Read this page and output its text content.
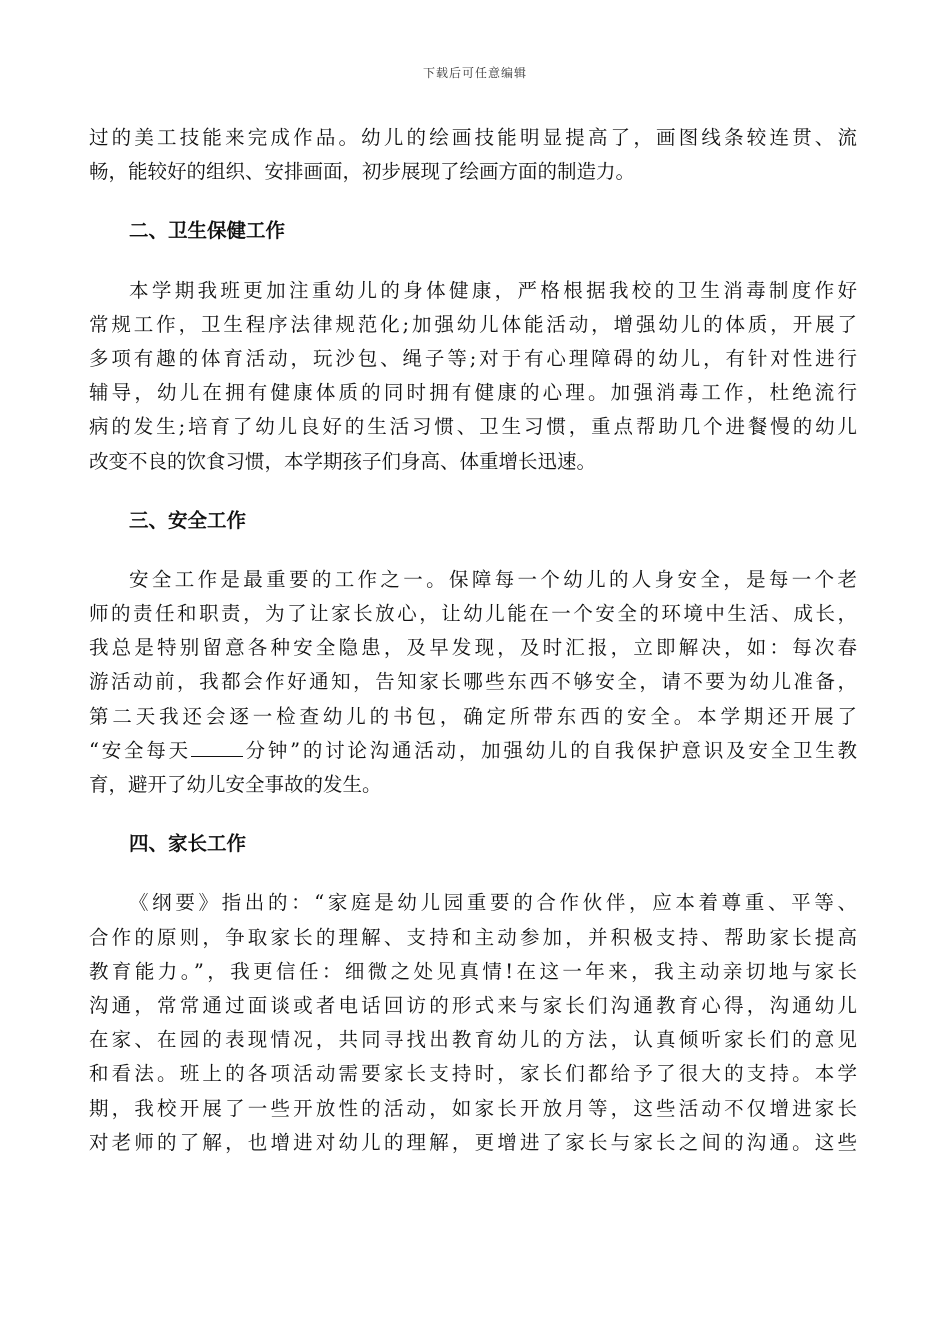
下载后可任意编辑
过的美工技能来完成作品。幼儿的绘画技能明显提高了，画图线条较连贯、流
畅，能较好的组织、安排画面，初步展现了绘画方面的制造力。
二、卫生保健工作
本学期我班更加注重幼儿的身体健康，严格根据我校的卫生消毒制度作好
常规工作，卫生程序法律规范化;加强幼儿体能活动，增强幼儿的体质，开展了
多项有趣的体育活动，玩沙包、绳子等;对于有心理障碍的幼儿，有针对性进行
辅导，幼儿在拥有健康体质的同时拥有健康的心理。加强消毒工作，杜绝流行
病的发生;培育了幼儿良好的生活习惯、卫生习惯，重点帮助几个进餐慢的幼儿
改变不良的饮食习惯，本学期孩子们身高、体重增长迅速。
三、安全工作
安全工作是最重要的工作之一。保障每一个幼儿的人身安全，是每一个老
师的责任和职责，为了让家长放心，让幼儿能在一个安全的环境中生活、成长，
我总是特别留意各种安全隐患，及早发现，及时汇报，立即解决，如：每次春
游活动前，我都会作好通知，告知家长哪些东西不够安全，请不要为幼儿准备，
第二天我还会逐一检查幼儿的书包，确定所带东西的安全。本学期还开展了
“安全每天	分钟”的讨论沟通活动，加强幼儿的自我保护意识及安全卫生教
育，避开了幼儿安全事故的发生。
四、家长工作
《纲要》指出的：“家庭是幼儿园重要的合作伙伴，应本着尊重、平等、
合作的原则，争取家长的理解、支持和主动参加，并积极支持、帮助家长提高
教育能力。”，我更信任：细微之处见真情!在这一年来，我主动亲切地与家长
沟通，常常通过面谈或者电话回访的形式来与家长们沟通教育心得，沟通幼儿
在家、在园的表现情况，共同寻找出教育幼儿的方法，认真倾听家长们的意见
和看法。班上的各项活动需要家长支持时，家长们都给予了很大的支持。本学
期，我校开展了一些开放性的活动，如家长开放月等，这些活动不仅增进家长
对老师的了解，也增进对幼儿的理解，更增进了家长与家长之间的沟通。这些
